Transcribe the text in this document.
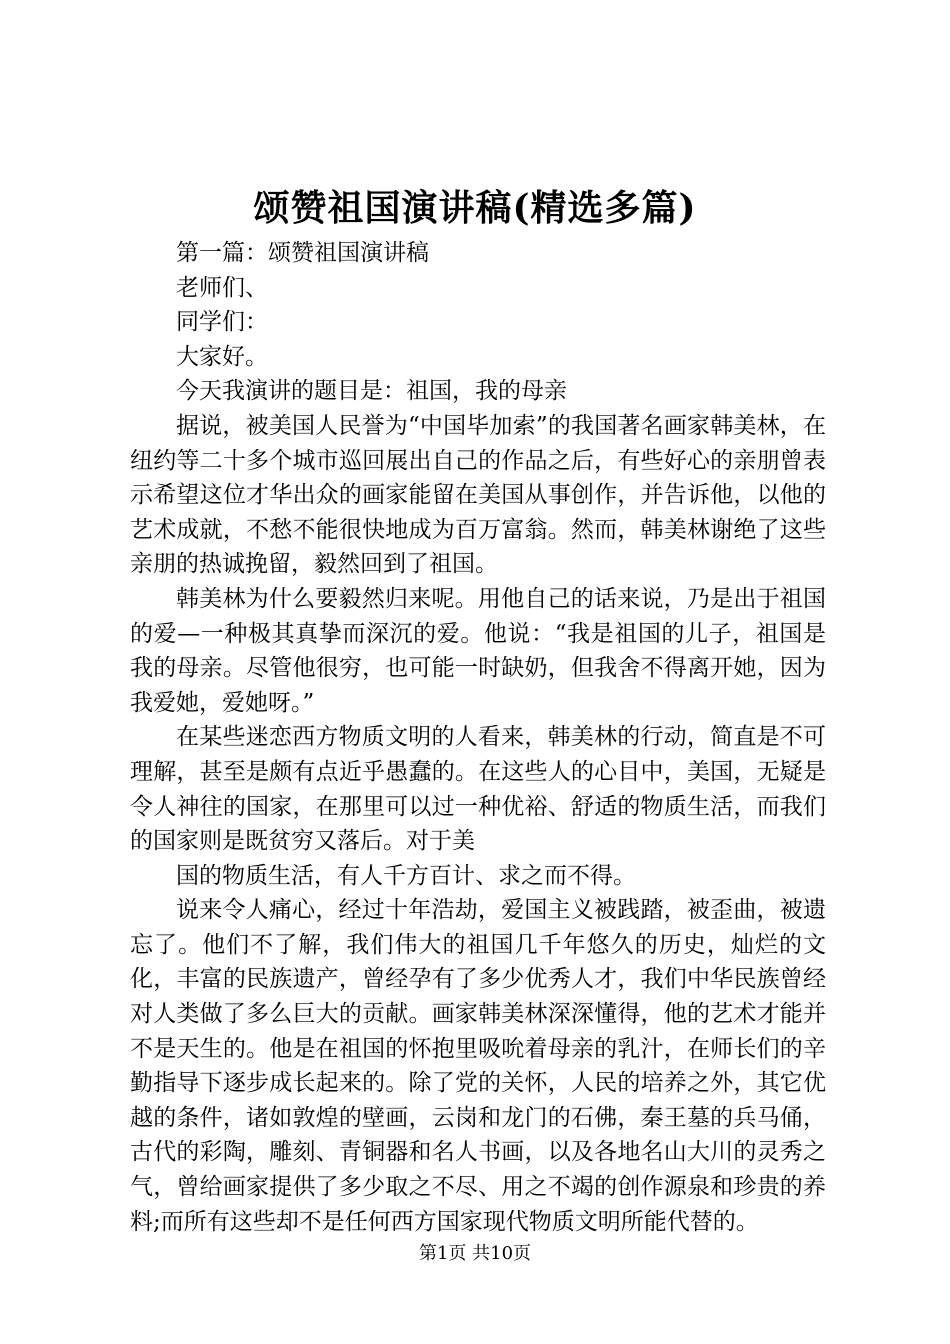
颂赞祖国演讲稿(精选多篇)

第一篇：颂赞祖国演讲稿

老师们、

同学们：

大家好。

今天我演讲的题目是：祖国，我的母亲

据说，被美国人民誉为“中国毕加索”的我国著名画家韩美林，在纽约等二十多个城市巡回展出自己的作品之后，有些好心的亲朋曾表示希望这位才华出众的画家能留在美国从事创作，并告诉他，以他的艺术成就，不愁不能很快地成为百万富翁。然而，韩美林谢绝了这些亲朋的热诚挽留，毅然回到了祖国。

韩美林为什么要毅然归来呢。用他自己的话来说，乃是出于祖国的爱—一种极其真挚而深沉的爱。他说：“我是祖国的儿子，祖国是我的母亲。尽管他很穷，也可能一时缺奶，但我舍不得离开她，因为我爱她，爱她呀。”

在某些迷恋西方物质文明的人看来，韩美林的行动，简直是不可理解，甚至是颇有点近乎愚蠢的。在这些人的心目中，美国，无疑是令人神往的国家，在那里可以过一种优裕、舒适的物质生活，而我们的国家则是既贫穷又落后。对于美

国的物质生活，有人千方百计、求之而不得。

说来令人痛心，经过十年浩劫，爱国主义被践踏，被歪曲，被遗忘了。他们不了解，我们伟大的祖国几千年悠久的历史，灿烂的文化，丰富的民族遗产，曾经孕有了多少优秀人才，我们中华民族曾经对人类做了多么巨大的贡献。画家韩美林深深懂得，他的艺术才能并不是天生的。他是在祖国的怀抱里吸吮着母亲的乳汁，在师长们的辛勤指导下逐步成长起来的。除了党的关怀，人民的培养之外，其它优越的条件，诸如敦煌的壁画，云岗和龙门的石佛，秦王墓的兵马俑，古代的彩陶，雕刻、青铜器和名人书画，以及各地名山大川的灵秀之气，曾给画家提供了多少取之不尽、用之不竭的创作源泉和珍贵的养料;而所有这些却不是任何西方国家现代物质文明所能代替的。

第1页 共10页
